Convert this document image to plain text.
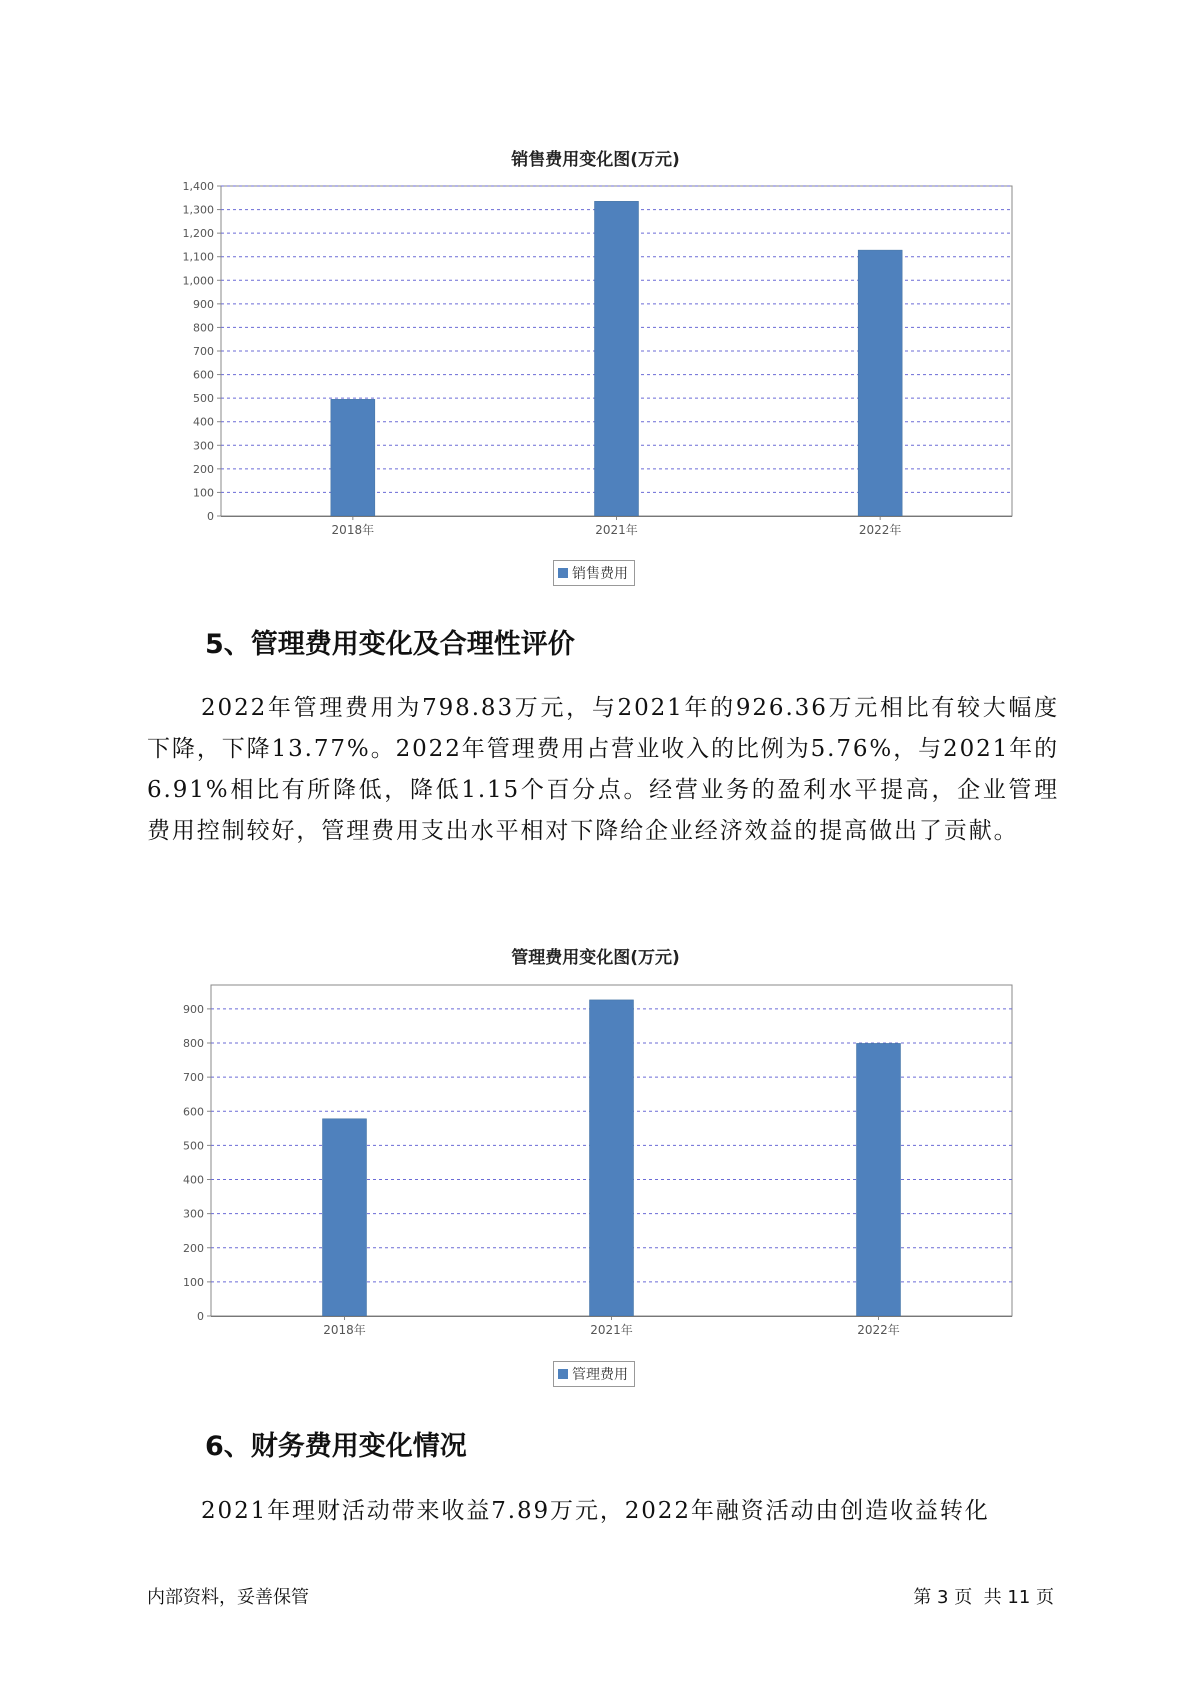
销售费用变化图(万元)
0
100
200
300
400
500
600
700
800
900
1,000
1,100
1,200
1,300
1,400
2018年	2021年	2022年
销售费用
5、管理费用变化及合理性评价

2022年管理费用为798.83万元，与2021年的926.36万元相比有较大幅度下降，下降13.77%。2022年管理费用占营业收入的比例为5.76%，与2021年的6.91%相比有所降低，降低1.15个百分点。经营业务的盈利水平提高，企业管理费用控制较好，管理费用支出水平相对下降给企业经济效益的提高做出了贡献。

管理费用变化图(万元)
0
100
200
300
400
500
600
700
800
900
2018年	2021年	2022年
管理费用
6、财务费用变化情况

2021年理财活动带来收益7.89万元，2022年融资活动由创造收益转化

内部资料，妥善保管	第 3 页  共 11 页
